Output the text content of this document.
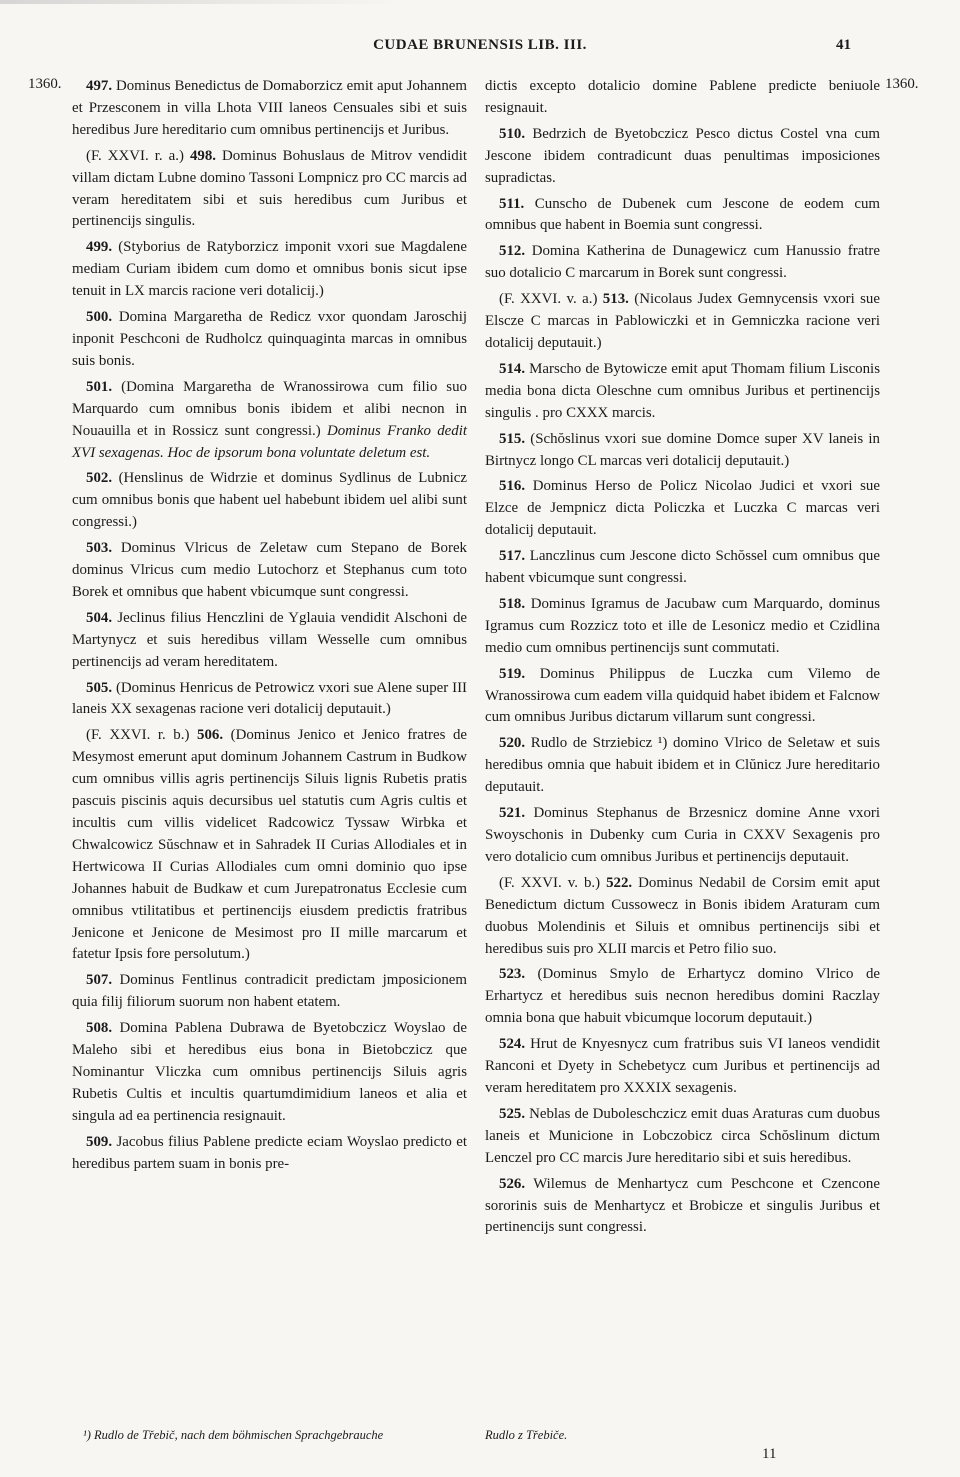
CUDAE BRUNENSIS LIB. III.	41
1360.	1360.

497. Dominus Benedictus de Domaborzicz emit aput Johannem et Przesconem in villa Lhota VIII laneos Censuales sibi et suis heredibus Jure hereditario cum omnibus pertinencijs et Juribus.

(F. XXVI. r. a.) 498. Dominus Bohuslaus de Mitrov vendidit villam dictam Lubne domino Tassoni Lompnicz pro CC marcis ad veram hereditatem sibi et suis heredibus cum Juribus et pertinencijs singulis.

499. (Styborius de Ratyborzicz imponit vxori sue Magdalene mediam Curiam ibidem cum domo et omnibus bonis sicut ipse tenuit in LX marcis racione veri dotalicij.)

500. Domina Margaretha de Redicz vxor quondam Jaroschij inponit Peschconi de Rudholcz quinquaginta marcas in omnibus suis bonis.

501. (Domina Margaretha de Wranossirowa cum filio suo Marquardo cum omnibus bonis ibidem et alibi necnon in Nouauilla et in Rossicz sunt congressi.) Dominus Franko dedit XVI sexagenas. Hoc de ipsorum bona voluntate deletum est.

502. (Henslinus de Widrzie et dominus Sydlinus de Lubnicz cum omnibus bonis que habent uel habebunt ibidem uel alibi sunt congressi.)

503. Dominus Vlricus de Zeletaw cum Stepano de Borek dominus Vlricus cum medio Lutochorz et Stephanus cum toto Borek et omnibus que habent vbicumque sunt congressi.

504. Jeclinus filius Henczlini de Yglauia vendidit Alschoni de Martynycz et suis heredibus villam Wesselle cum omnibus pertinencijs ad veram hereditatem.

505. (Dominus Henricus de Petrowicz vxori sue Alene super III laneis XX sexagenas racione veri dotalicij deputauit.)

(F. XXVI. r. b.) 506. (Dominus Jenico et Jenico fratres de Mesymost emerunt aput dominum Johannem Castrum in Budkow cum omnibus villis agris pertinencijs Siluis lignis Rubetis pratis pascuis piscinis aquis decursibus uel statutis cum Agris cultis et incultis cum villis videlicet Radcowicz Tyssaw Wirbka et Chwalcowicz Sŭschnaw et in Sahradek II Curias Allodiales et in Hertwicowa II Curias Allodiales cum omni dominio quo ipse Johannes habuit de Budkaw et cum Jurepatronatus Ecclesie cum omnibus vtilitatibus et pertinencijs eiusdem predictis fratribus Jenicone et Jenicone de Mesimost pro II mille marcarum et fatetur Ipsis fore persolutum.)

507. Dominus Fentlinus contradicit predictam jmposicionem quia filij filiorum suorum non habent etatem.

508. Domina Pablena Dubrawa de Byetobczicz Woyslao de Maleho sibi et heredibus eius bona in Bietobczicz que Nominantur Vliczka cum omnibus pertinencijs Siluis agris Rubetis Cultis et incultis quartumdimidium laneos et alia et singula ad ea pertinencia resignauit.

509. Jacobus filius Pablene predicte eciam Woyslao predicto et heredibus partem suam in bonis pre-

dictis excepto dotalicio domine Pablene predicte beniuole resignauit.

510. Bedrzich de Byetobczicz Pesco dictus Costel vna cum Jescone ibidem contradicunt duas penultimas imposiciones supradictas.

511. Cunscho de Dubenek cum Jescone de eodem cum omnibus que habent in Boemia sunt congressi.

512. Domina Katherina de Dunagewicz cum Hanussio fratre suo dotalicio C marcarum in Borek sunt congressi.

(F. XXVI. v. a.) 513. (Nicolaus Judex Gemnycensis vxori sue Elscze C marcas in Pablowiczki et in Gemniczka racione veri dotalicij deputauit.)

514. Marscho de Bytowicze emit aput Thomam filium Lisconis media bona dicta Oleschne cum omnibus Juribus et pertinencijs singulis . pro CXXX marcis.

515. (Schŏslinus vxori sue domine Domce super XV laneis in Birtnycz longo CL marcas veri dotalicij deputauit.)

516. Dominus Herso de Policz Nicolao Judici et vxori sue Elzce de Jempnicz dicta Policzka et Luczka C marcas veri dotalicij deputauit.

517. Lanczlinus cum Jescone dicto Schŏssel cum omnibus que habent vbicumque sunt congressi.

518. Dominus Igramus de Jacubaw cum Marquardo, dominus Igramus cum Rozzicz toto et ille de Lesonicz medio et Czidlina medio cum omnibus pertinencijs sunt commutati.

519. Dominus Philippus de Luczka cum Vilemo de Wranossirowa cum eadem villa quidquid habet ibidem et Falcnow cum omnibus Juribus dictarum villarum sunt congressi.

520. Rudlo de Strziebicz ¹) domino Vlrico de Seletaw et suis heredibus omnia que habuit ibidem et in Clŭnicz Jure hereditario deputauit.

521. Dominus Stephanus de Brzesnicz domine Anne vxori Swoyschonis in Dubenky cum Curia in CXXV Sexagenis pro vero dotalicio cum omnibus Juribus et pertinencijs deputauit.

(F. XXVI. v. b.) 522. Dominus Nedabil de Corsim emit aput Benedictum dictum Cussowecz in Bonis ibidem Araturam cum duobus Molendinis et Siluis et omnibus pertinencijs sibi et heredibus suis pro XLII marcis et Petro filio suo.

523. (Dominus Smylo de Erhartycz domino Vlrico de Erhartycz et heredibus suis necnon heredibus domini Raczlay omnia bona que habuit vbicumque locorum deputauit.)

524. Hrut de Knyesnycz cum fratribus suis VI laneos vendidit Ranconi et Dyety in Schebetycz cum Juribus et pertinencijs ad veram hereditatem pro XXXIX sexagenis.

525. Neblas de Duboleschczicz emit duas Araturas cum duobus laneis et Municione in Lobczobicz circa Schŏslinum dictum Lenczel pro CC marcis Jure hereditario sibi et suis heredibus.

526. Wilemus de Menhartycz cum Peschcone et Czencone sororinis suis de Menhartycz et Brobicze et singulis Juribus et pertinencijs sunt congressi.

¹) Rudlo de Třebič, nach dem böhmischen Sprachgebrauche	Rudlo z Třebiče.
11
